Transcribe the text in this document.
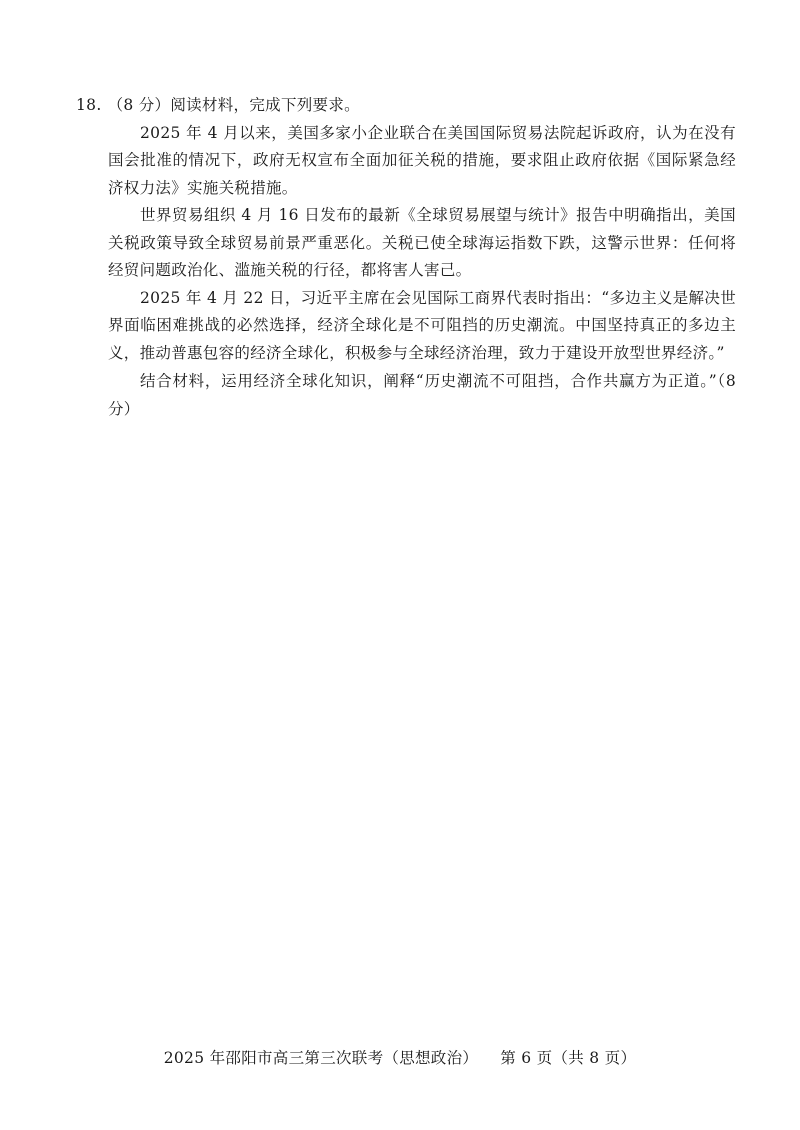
18. （8 分）阅读材料，完成下列要求。

2025 年 4 月以来，美国多家小企业联合在美国国际贸易法院起诉政府，认为在没有国会批准的情况下，政府无权宣布全面加征关税的措施，要求阻止政府依据《国际紧急经济权力法》实施关税措施。

世界贸易组织 4 月 16 日发布的最新《全球贸易展望与统计》报告中明确指出，美国关税政策导致全球贸易前景严重恶化。关税已使全球海运指数下跌，这警示世界：任何将经贸问题政治化、滥施关税的行径，都将害人害己。

2025 年 4 月 22 日，习近平主席在会见国际工商界代表时指出：“多边主义是解决世界面临困难挑战的必然选择，经济全球化是不可阻挡的历史潮流。中国坚持真正的多边主义，推动普惠包容的经济全球化，积极参与全球经济治理，致力于建设开放型世界经济。”

结合材料，运用经济全球化知识，阐释“历史潮流不可阻挡，合作共赢方为正道。”（8 分）

2025 年邵阳市高三第三次联考（思想政治） 第 6 页（共 8 页）
